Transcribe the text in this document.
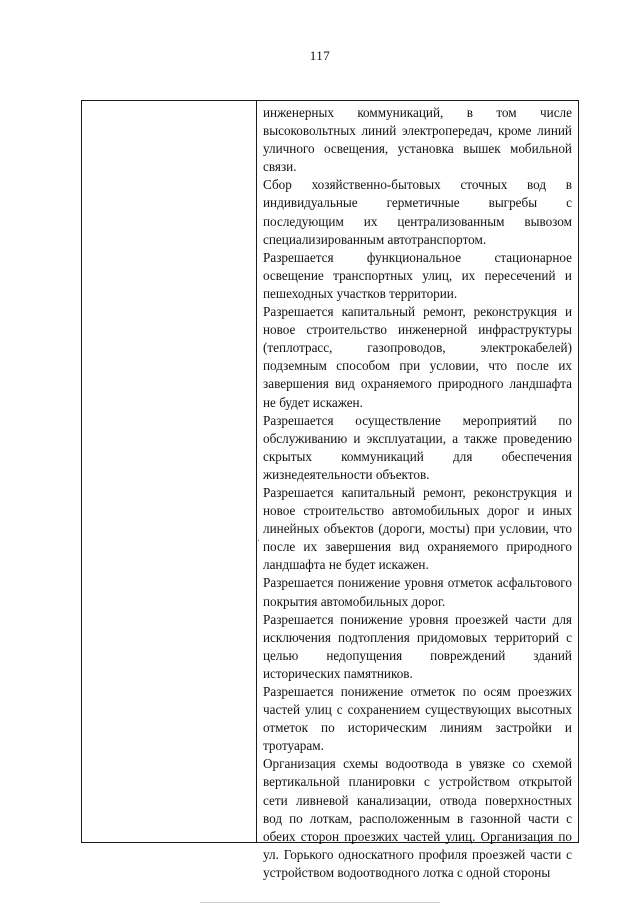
117

инженерных коммуникаций, в том числе высоковольтных линий электропередач, кроме линий уличного освещения, установка вышек мобильной связи.

Сбор хозяйственно-бытовых сточных вод в индивидуальные герметичные выгребы с последующим их централизованным вывозом специализированным автотранспортом.

Разрешается функциональное стационарное освещение транспортных улиц, их пересечений и пешеходных участков территории.

Разрешается капитальный ремонт, реконструкция и новое строительство инженерной инфраструктуры (теплотрасс, газопроводов, электрокабелей) подземным способом при условии, что после их завершения вид охраняемого природного ландшафта не будет искажен.

Разрешается осуществление мероприятий по обслуживанию и эксплуатации, а также проведению скрытых коммуникаций для обеспечения жизнедеятельности объектов.

Разрешается капитальный ремонт, реконструкция и новое строительство автомобильных дорог и иных линейных объектов (дороги, мосты) при условии, что после их завершения вид охраняемого природного ландшафта не будет искажен.

Разрешается понижение уровня отметок асфальтового покрытия автомобильных дорог.

Разрешается понижение уровня проезжей части для исключения подтопления придомовых территорий с целью недопущения повреждений зданий исторических памятников.

Разрешается понижение отметок по осям проезжих частей улиц с сохранением существующих высотных отметок по историческим линиям застройки и тротуарам.

Организация схемы водоотвода в увязке со схемой вертикальной планировки с устройством открытой сети ливневой канализации, отвода поверхностных вод по лоткам, расположенным в газонной части с обеих сторон проезжих частей улиц. Организация по ул. Горького односкатного профиля проезжей части с устройством водоотводного лотка с одной стороны
